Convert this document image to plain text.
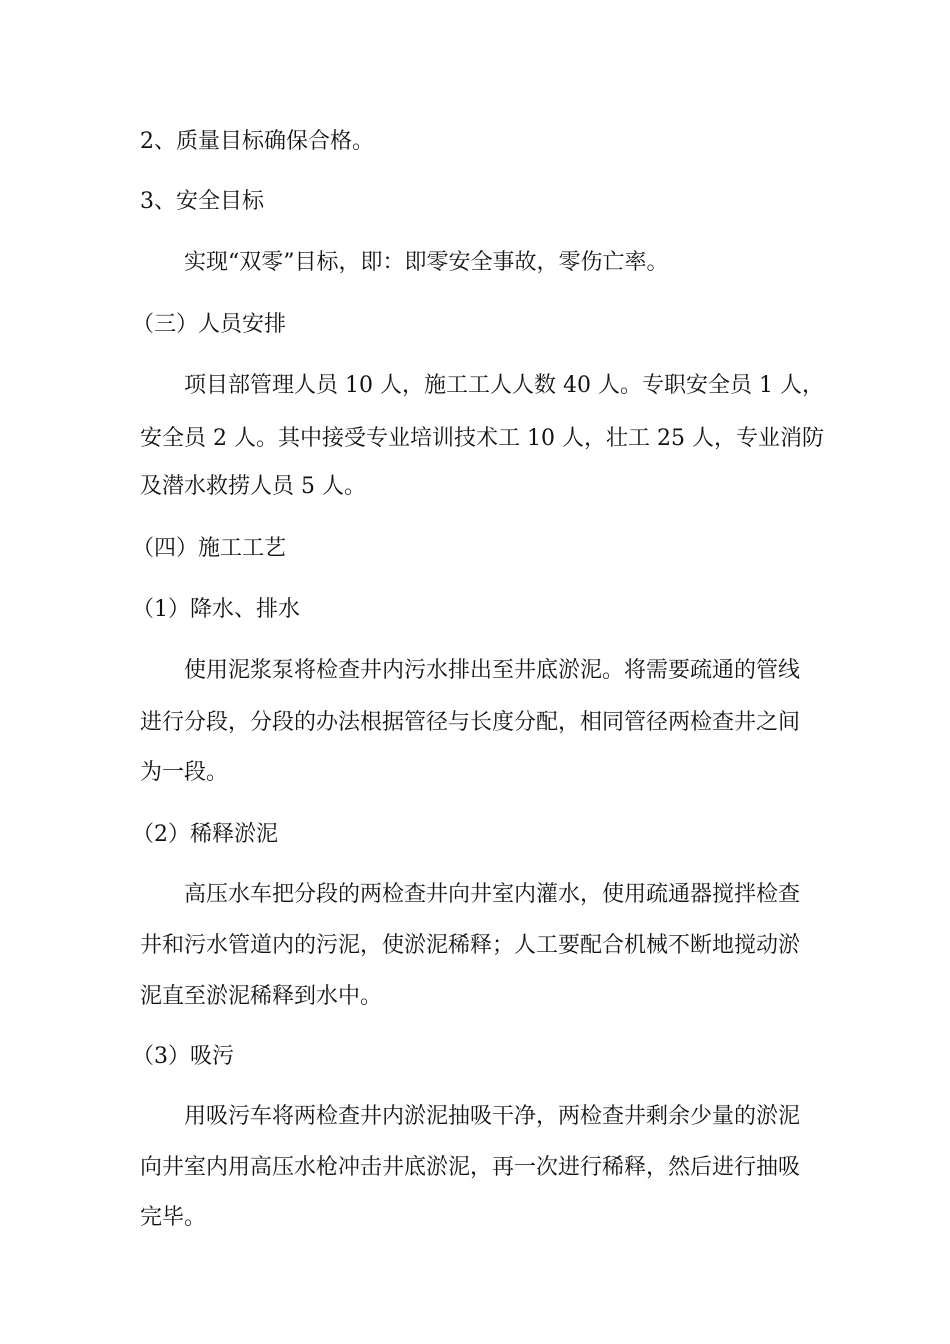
2、质量目标确保合格。
3、安全目标
实现“双零”目标，即：即零安全事故，零伤亡率。
（三）人员安排
项目部管理人员 10 人，施工工人人数 40 人。专职安全员 1 人，
安全员 2 人。其中接受专业培训技术工 10 人，壮工 25 人，专业消防
及潜水救捞人员 5 人。
（四）施工工艺
（1）降水、排水
使用泥浆泵将检查井内污水排出至井底淤泥。将需要疏通的管线
进行分段，分段的办法根据管径与长度分配，相同管径两检查井之间
为一段。
（2）稀释淤泥
高压水车把分段的两检查井向井室内灌水，使用疏通器搅拌检查
井和污水管道内的污泥，使淤泥稀释；人工要配合机械不断地搅动淤
泥直至淤泥稀释到水中。
（3）吸污
用吸污车将两检查井内淤泥抽吸干净，两检查井剩余少量的淤泥
向井室内用高压水枪冲击井底淤泥，再一次进行稀释，然后进行抽吸
完毕。
